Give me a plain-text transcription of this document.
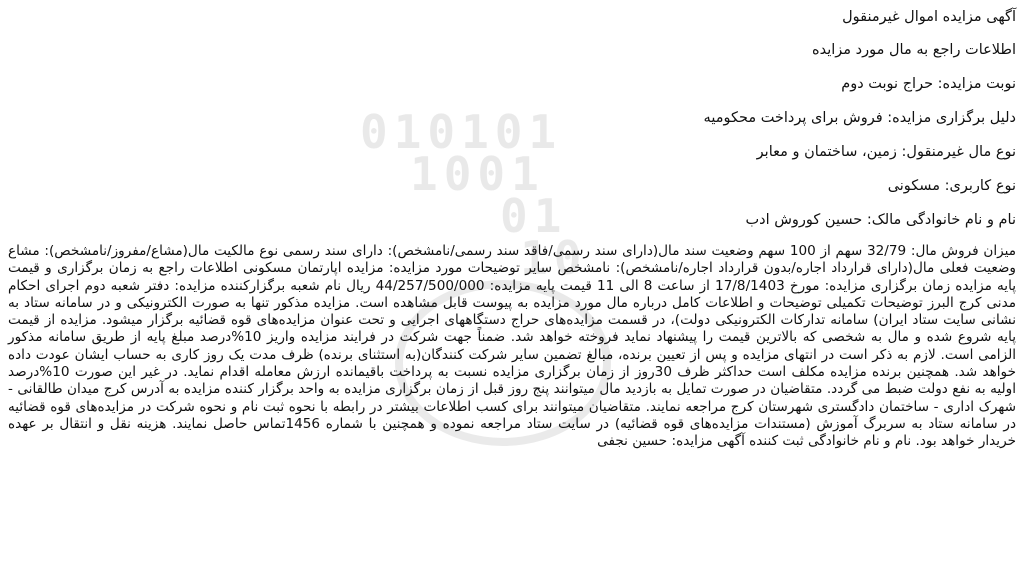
010101
1001
01
10
آگهی مزایده اموال غیرمنقول
اطلاعات راجع به مال مورد مزایده
نوبت مزایده: حراج نوبت دوم
دلیل برگزاری مزایده: فروش برای پرداخت محکومیه
نوع مال غیرمنقول: زمین، ساختمان و معابر
نوع کاربری: مسکونی
نام و نام خانوادگی مالک: حسین کوروش ادب
میزان فروش مال: 32/79 سهم از 100 سهم وضعیت سند مال(دارای سند رسمی/فاقد سند رسمی/نامشخص): دارای سند رسمی نوع مالکیت مال(مشاع/مفروز/نامشخص): مشاع وضعیت فعلی مال(دارای قرارداد اجاره/بدون قرارداد اجاره/نامشخص): نامشخص سایر توضیحات مورد مزایده: مزایده اپارتمان مسکونی اطلاعات راجع به زمان برگزاری و قیمت پایه مزایده زمان برگزاری مزایده: مورخ 17/8/1403 از ساعت 8 الی 11 قیمت پایه مزایده: 44/257/500/000 ریال نام شعبه برگزارکننده مزایده: دفتر شعبه دوم اجرای احکام مدنی کرج البرز توضیحات تکمیلی توضیحات و اطلاعات کامل درباره مال مورد مزایده به پیوست قابل مشاهده است. مزایده مذکور تنها به صورت الکترونیکی و در سامانه ستاد به نشانی سایت ستاد ایران) سامانه تدارکات الکترونیکی دولت)، در قسمت مزایده‌های حراج دستگاههای اجرایی و تحت عنوان مزایده‌های قوه قضائیه برگزار میشود. مزایده از قیمت پایه شروع شده و مال به شخصی که بالاترین قیمت را پیشنهاد نماید فروخته خواهد شد. ضمناً جهت شرکت در فرایند مزایده واریز 10%درصد مبلغ پایه از طریق سامانه مذکور الزامی است. لازم به ذکر است در انتهای مزایده و پس از تعیین برنده، مبالغ تضمین سایر شرکت کنندگان(به استثنای برنده) ظرف مدت یک روز کاری به حساب ایشان عودت داده خواهد شد. همچنین برنده مزایده مکلف است حداکثر ظرف 30روز از زمان برگزاری مزایده نسبت به پرداخت باقیمانده ارزش معامله اقدام نماید. در غیر این صورت 10%درصد اولیه به نفع دولت ضبط می گردد. متقاضیان در صورت تمایل به بازدید مال میتوانند پنج روز قبل از زمان برگزاری مزایده به واحد برگزار کننده مزایده به آدرس کرج میدان طالقانی - شهرک اداری - ساختمان دادگستری شهرستان کرج مراجعه نمایند. متقاضیان میتوانند برای کسب اطلاعات بیشتر در رابطه با نحوه ثبت نام و نحوه شرکت در مزایده‌های قوه قضائیه در سامانه ستاد به سربرگ آموزش (مستندات مزایده‌های قوه قضائیه) در سایت ستاد مراجعه نموده و همچنین با شماره 1456تماس حاصل نمایند. هزینه نقل و انتقال بر عهده خریدار خواهد بود. نام و نام خانوادگی ثبت کننده آگهی مزایده: حسین نجفی
